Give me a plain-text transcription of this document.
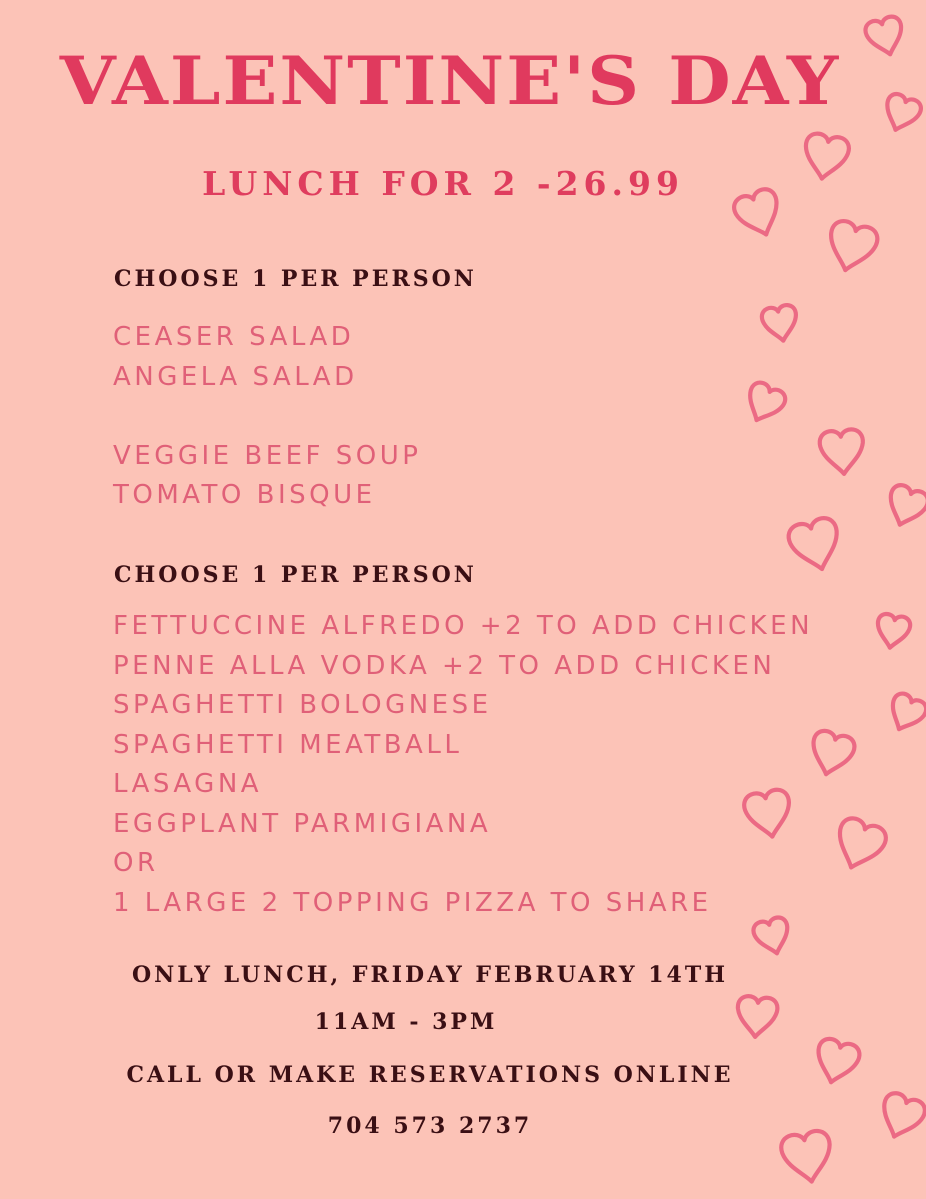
VALENTINE'S DAY
LUNCH FOR 2 -26.99
CHOOSE 1 PER PERSON
CEASER SALAD
ANGELA SALAD
VEGGIE BEEF SOUP
TOMATO BISQUE
CHOOSE 1 PER PERSON
FETTUCCINE ALFREDO +2 TO ADD CHICKEN
PENNE ALLA VODKA +2 TO ADD CHICKEN
SPAGHETTI BOLOGNESE
SPAGHETTI MEATBALL
LASAGNA
EGGPLANT PARMIGIANA
OR
1 LARGE 2 TOPPING PIZZA TO SHARE
ONLY LUNCH, FRIDAY FEBRUARY 14TH
11AM - 3PM
CALL OR MAKE RESERVATIONS ONLINE
704 573 2737
